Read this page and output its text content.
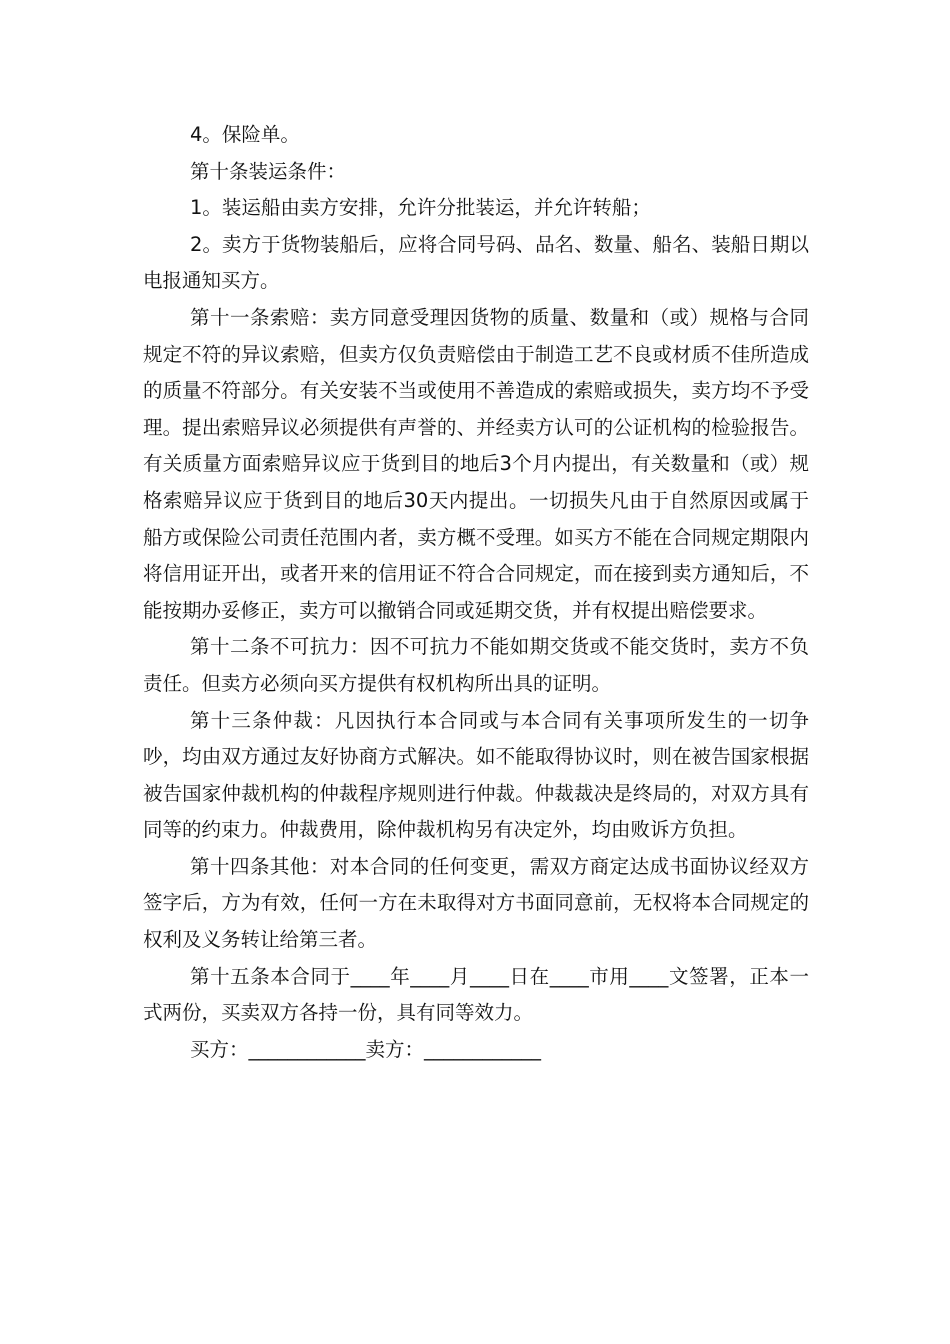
4。保险单。

第十条装运条件：

1。装运船由卖方安排，允许分批装运，并允许转船；

2。卖方于货物装船后，应将合同号码、品名、数量、船名、装船日期以电报通知买方。

第十一条索赔：卖方同意受理因货物的质量、数量和（或）规格与合同规定不符的异议索赔，但卖方仅负责赔偿由于制造工艺不良或材质不佳所造成的质量不符部分。有关安装不当或使用不善造成的索赔或损失，卖方均不予受理。提出索赔异议必须提供有声誉的、并经卖方认可的公证机构的检验报告。有关质量方面索赔异议应于货到目的地后3个月内提出，有关数量和（或）规格索赔异议应于货到目的地后30天内提出。一切损失凡由于自然原因或属于船方或保险公司责任范围内者，卖方概不受理。如买方不能在合同规定期限内将信用证开出，或者开来的信用证不符合合同规定，而在接到卖方通知后，不能按期办妥修正，卖方可以撤销合同或延期交货，并有权提出赔偿要求。

第十二条不可抗力：因不可抗力不能如期交货或不能交货时，卖方不负责任。但卖方必须向买方提供有权机构所出具的证明。

第十三条仲裁：凡因执行本合同或与本合同有关事项所发生的一切争吵，均由双方通过友好协商方式解决。如不能取得协议时，则在被告国家根据被告国家仲裁机构的仲裁程序规则进行仲裁。仲裁裁决是终局的，对双方具有同等的约束力。仲裁费用，除仲裁机构另有决定外，均由败诉方负担。

第十四条其他：对本合同的任何变更，需双方商定达成书面协议经双方签字后，方为有效，任何一方在未取得对方书面同意前，无权将本合同规定的权利及义务转让给第三者。

第十五条本合同于____年____月____日在____市用____文签署，正本一式两份，买卖双方各持一份，具有同等效力。

买方：____________卖方：____________
